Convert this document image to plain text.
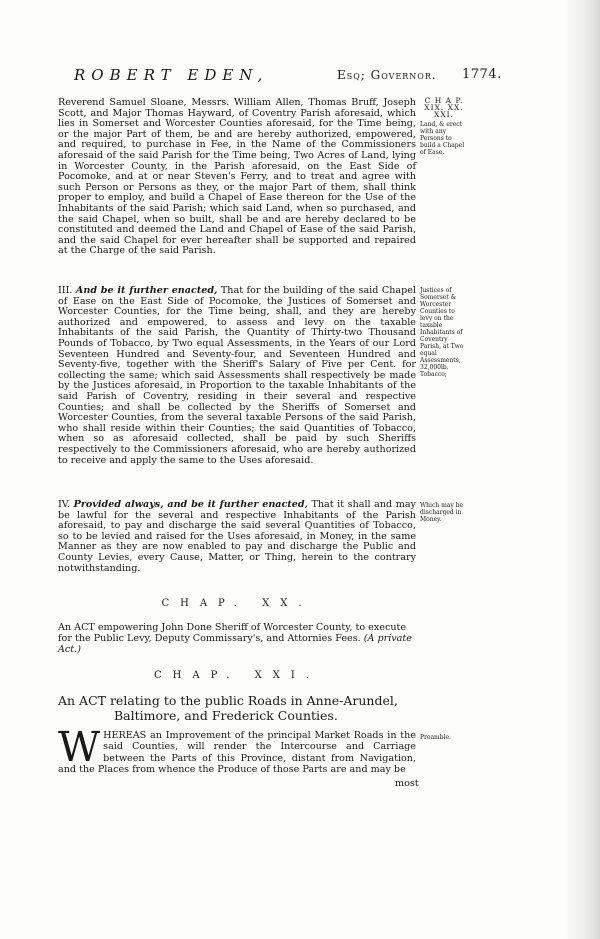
ROBERT EDEN,	Esq; Governor. 1774.
Reverend Samuel Sloane, Messrs. William Allen, Thomas Bruff, Joseph Scott, and Major Thomas Hayward, of Coventry Parish aforesaid, which lies in Somerset and Worcester Counties aforesaid, for the Time being, or the major Part of them, be and are hereby authorized, empowered, and required, to purchase in Fee, in the Name of the Commissioners aforesaid of the said Parish for the Time being, Two Acres of Land, lying in Worcester County, in the Parish aforesaid, on the East Side of Pocomoke, and at or near Steven's Ferry, and to treat and agree with such Person or Persons as they, or the major Part of them, shall think proper to employ, and build a Chapel of Ease thereon for the Use of the Inhabitants of the said Parish; which said Land, when so purchased, and the said Chapel, when so built, shall be and are hereby declared to be constituted and deemed the Land and Chapel of Ease of the said Parish, and the said Chapel for ever hereafter shall be supported and repaired at the Charge of the said Parish.
C H A P.
XIX. XX.
XXI.
Land, & erect with any Persons to build a Chapel of Ease.
III. And be it further enacted, That for the building of the said Chapel of Ease on the East Side of Pocomoke, the Justices of Somerset and Worcester Counties, for the Time being, shall, and they are hereby authorized and empowered, to assess and levy on the taxable Inhabitants of the said Parish, the Quantity of Thirty-two Thousand Pounds of Tobacco, by Two equal Assessments, in the Years of our Lord Seventeen Hundred and Seventy-four, and Seventeen Hundred and Seventy-five, together with the Sheriff's Salary of Five per Cent. for collecting the same; which said Assessments shall respectively be made by the Justices aforesaid, in Proportion to the taxable Inhabitants of the said Parish of Coventry, residing in their several and respective Counties; and shall be collected by the Sheriffs of Somerset and Worcester Counties, from the several taxable Persons of the said Parish, who shall reside within their Counties; the said Quantities of Tobacco, when so as aforesaid collected, shall be paid by such Sheriffs respectively to the Commissioners aforesaid, who are hereby authorized to receive and apply the same to the Uses aforesaid.
Justices of Somerset & Worcester Counties to levy on the taxable Inhabitants of Coventry Parish, at Two equal Assessments, 32,000lb. Tobacco;
IV. Provided always, and be it further enacted, That it shall and may be lawful for the several and respective Inhabitants of the Parish aforesaid, to pay and discharge the said several Quantities of Tobacco, so to be levied and raised for the Uses aforesaid, in Money, in the same Manner as they are now enabled to pay and discharge the Public and County Levies, every Cause, Matter, or Thing, herein to the contrary notwithstanding.
Which may be discharged in Money.
CHAP. XX.
An ACT empowering John Done Sheriff of Worcester County, to execute for the Public Levy, Deputy Commissary's, and Attornies Fees. (A private Act.)
CHAP. XXI.
An ACT relating to the public Roads in Anne-Arundel,
Baltimore, and Frederick Counties.
W HEREAS an Improvement of the principal Market Roads in the said Counties, will render the Intercourse and Carriage between the Parts of this Province, distant from Navigation, and the Places from whence the Produce of those Parts are and may be
Preamble.
most
